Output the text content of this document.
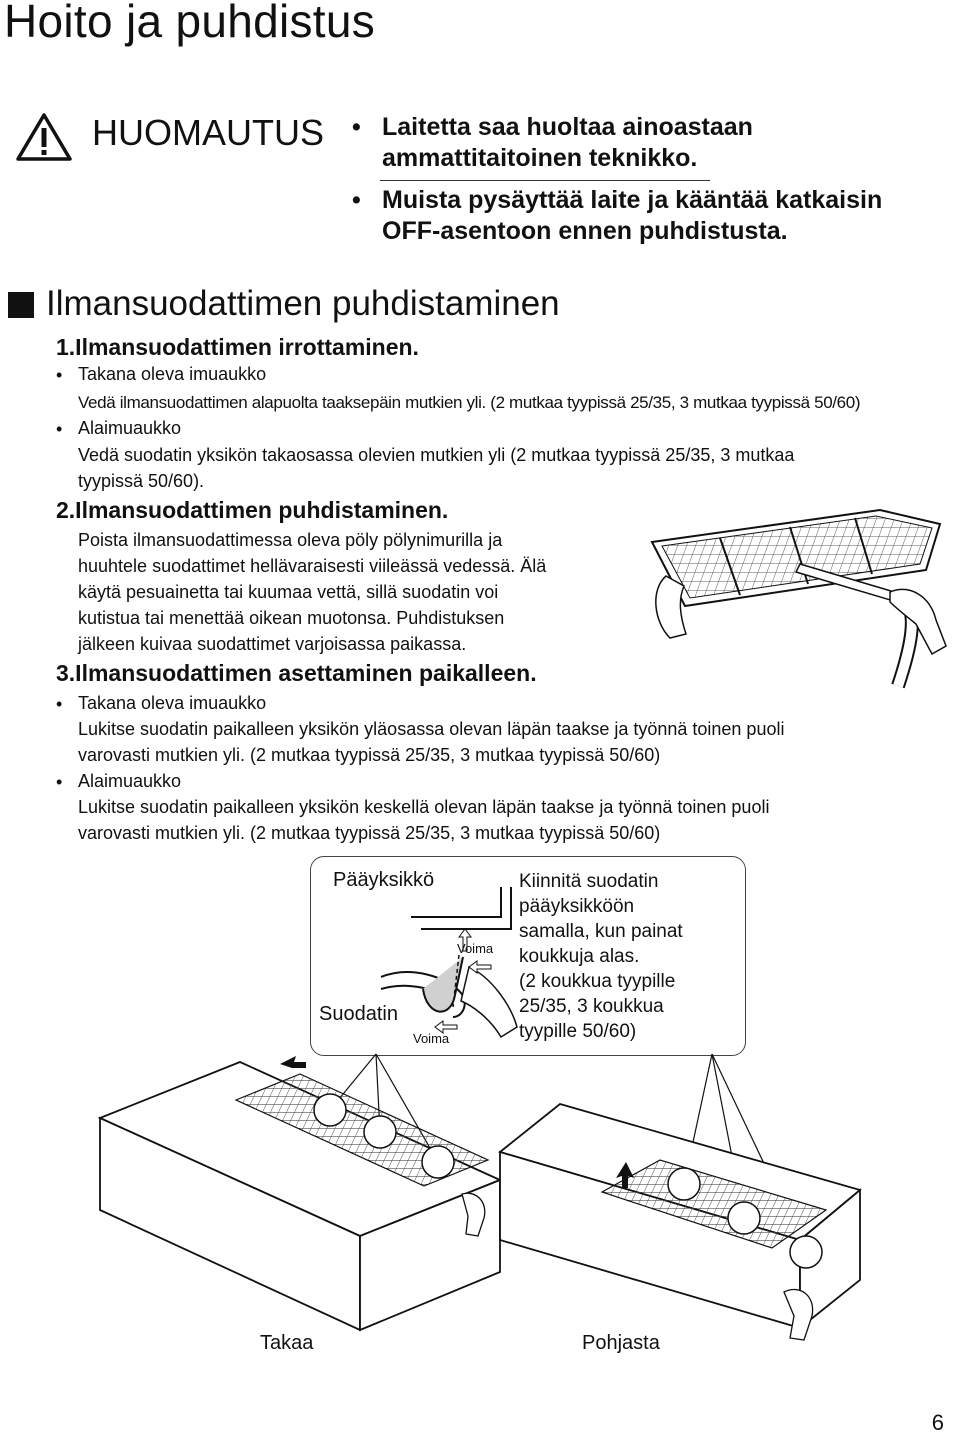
Hoito ja puhdistus
HUOMAUTUS • Laitetta saa huoltaa ainoastaan
ammattitaitoinen teknikko.
• Muista pysäyttää laite ja kääntää katkaisin
OFF-asentoon ennen puhdistusta.
Ilmansuodattimen puhdistaminen
1.Ilmansuodattimen irrottaminen.
• Takana oleva imuaukko
Vedä ilmansuodattimen alapuolta taaksepäin mutkien yli. (2 mutkaa tyypissä 25/35, 3 mutkaa tyypissä 50/60)
• Alaimuaukko
Vedä suodatin yksikön takaosassa olevien mutkien yli (2 mutkaa tyypissä 25/35, 3 mutkaa
tyypissä 50/60).
2.Ilmansuodattimen puhdistaminen.
Poista ilmansuodattimessa oleva pöly pölynimurilla ja
huuhtele suodattimet hellävaraisesti viileässä vedessä. Älä
käytä pesuainetta tai kuumaa vettä, sillä suodatin voi
kutistua tai menettää oikean muotonsa. Puhdistuksen
jälkeen kuivaa suodattimet varjoisassa paikassa.
3.Ilmansuodattimen asettaminen paikalleen.
• Takana oleva imuaukko
Lukitse suodatin paikalleen yksikön yläosassa olevan läpän taakse ja työnnä toinen puoli
varovasti mutkien yli. (2 mutkaa tyypissä 25/35, 3 mutkaa tyypissä 50/60)
• Alaimuaukko
Lukitse suodatin paikalleen yksikön keskellä olevan läpän taakse ja työnnä toinen puoli
varovasti mutkien yli. (2 mutkaa tyypissä 25/35, 3 mutkaa tyypissä 50/60)
Pääyksikkö
Suodatin
Voima
Voima
Kiinnitä suodatin
pääyksikköön
samalla, kun painat
koukkuja alas.
(2 koukkua tyypille
25/35, 3 koukkua
tyypille 50/60)
Takaa	Pohjasta
6
